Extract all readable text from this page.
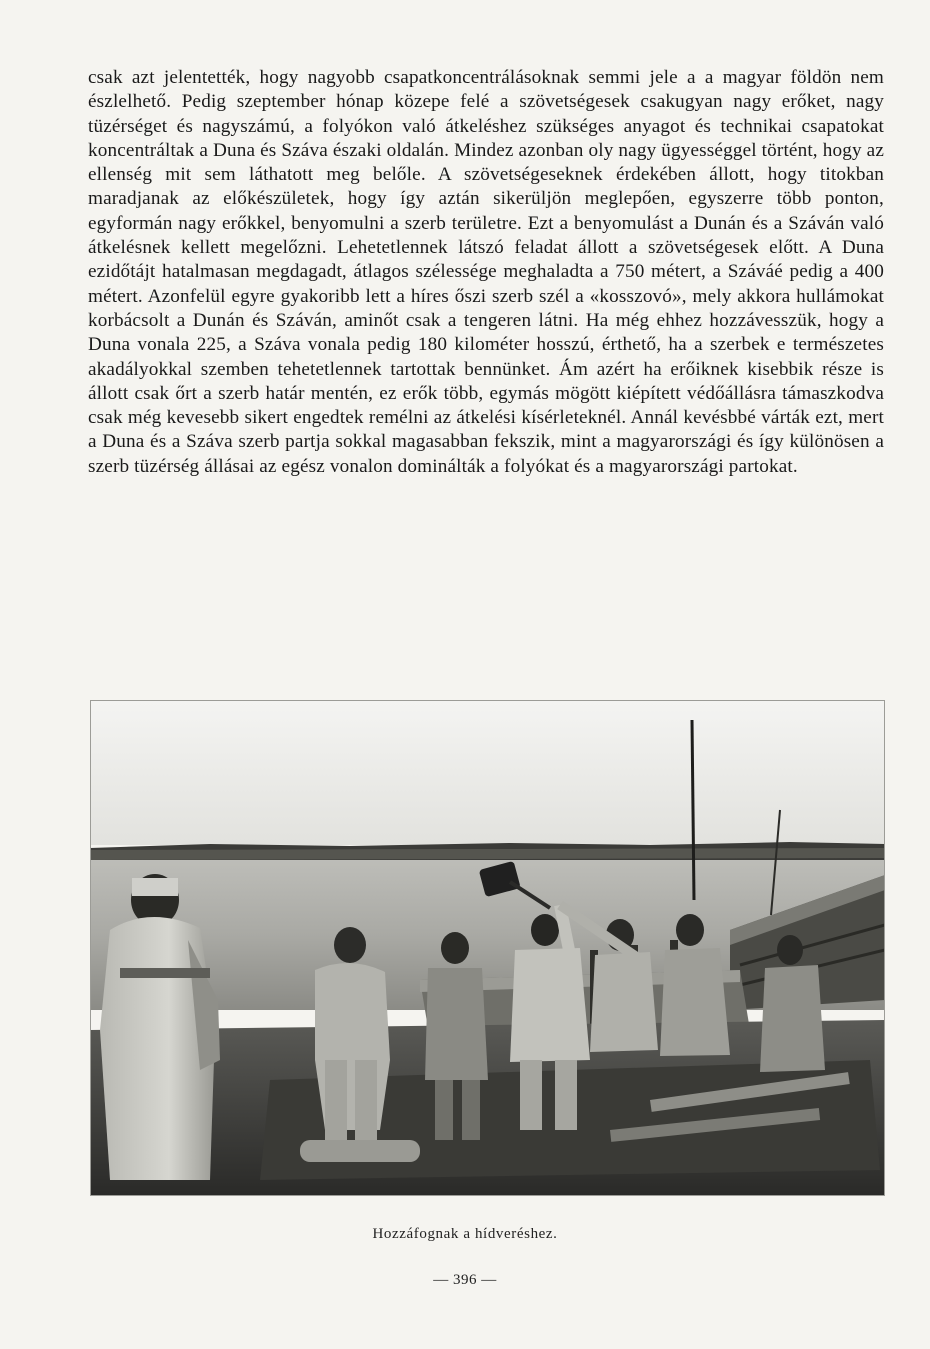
csak azt jelentették, hogy nagyobb csapatkoncentrálásoknak semmi jele a a magyar földön nem észlelhető. Pedig szeptember hónap közepe felé a szövetségesek csakugyan nagy erőket, nagy tüzérséget és nagyszámú, a folyókon való átkeléshez szükséges anyagot és technikai csapatokat koncentráltak a Duna és Száva északi oldalán. Mindez azonban oly nagy ügyességgel történt, hogy az ellenség mit sem láthatott meg belőle. A szövetségeseknek érdekében állott, hogy titokban maradjanak az előkészületek, hogy így aztán sikerüljön meglepően, egyszerre több ponton, egyformán nagy erőkkel, benyomulni a szerb területre. Ezt a benyomulást a Dunán és a Száván való átkelésnek kellett megelőzni. Lehetetlennek látszó feladat állott a szövetségesek előtt. A Duna ezidőtájt hatalmasan megdagadt, átlagos szélessége meghaladta a 750 métert, a Száváé pedig a 400 métert. Azonfelül egyre gyakoribb lett a híres őszi szerb szél a «kosszovó», mely akkora hullámokat korbácsolt a Dunán és Száván, aminőt csak a tengeren látni. Ha még ehhez hozzávesszük, hogy a Duna vonala 225, a Száva vonala pedig 180 kilométer hosszú, érthető, ha a szerbek e természetes akadályokkal szemben tehetetlennek tartottak bennünket. Ám azért ha erőiknek kisebbik része is állott csak őrt a szerb határ mentén, ez erők több, egymás mögött kiépített védőállásra támaszkodva csak még kevesebb sikert engedtek remélni az átkelési kísérleteknél. Annál kevésbbé várták ezt, mert a Duna és a Száva szerb partja sokkal magasabban fekszik, mint a magyarországi és így különösen a szerb tüzérség állásai az egész vonalon dominálták a folyókat és a magyarországi partokat.

Hozzáfognak a hídveréshez.
— 396 —
